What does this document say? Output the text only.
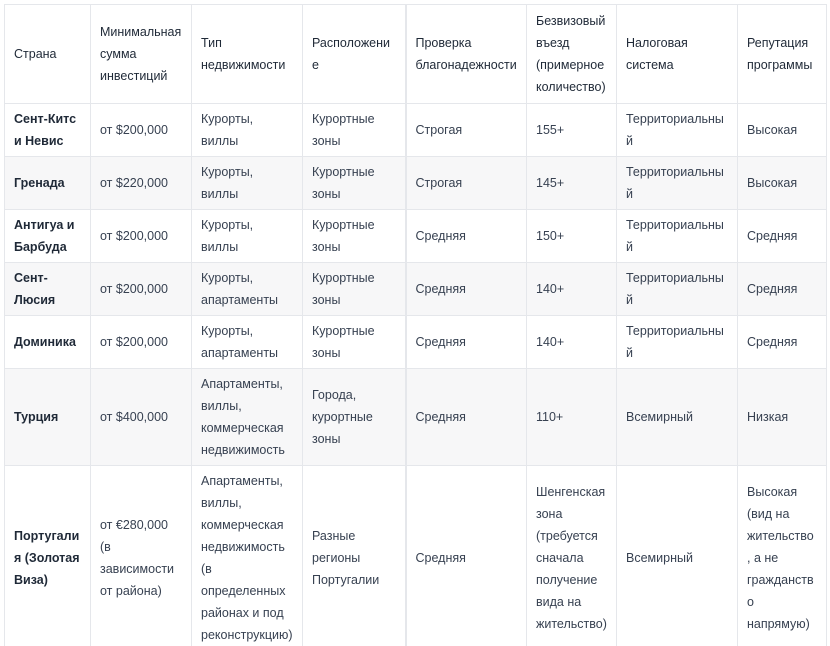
Страна	Минимальная сумма инвестиций	Тип недвижимости	Расположение	Проверка благонадежности	Безвизовый въезд (примерное количество)	Налоговая система	Репутация программы
Сент-Китс и Невис	от $200,000	Курорты, виллы	Курортные зоны	Строгая	155+	Территориальный	Высокая
Гренада	от $220,000	Курорты, виллы	Курортные зоны	Строгая	145+	Территориальный	Высокая
Антигуа и Барбуда	от $200,000	Курорты, виллы	Курортные зоны	Средняя	150+	Территориальный	Средняя
Сент-Люсия	от $200,000	Курорты, апартаменты	Курортные зоны	Средняя	140+	Территориальный	Средняя
Доминика	от $200,000	Курорты, апартаменты	Курортные зоны	Средняя	140+	Территориальный	Средняя
Турция	от $400,000	Апартаменты, виллы, коммерческая недвижимость	Города, курортные зоны	Средняя	110+	Всемирный	Низкая
Португалия (Золотая Виза)	от €280,000 (в зависимости от района)	Апартаменты, виллы, коммерческая недвижимость (в определенных районах и под реконструкцию)	Разные регионы Португалии	Средняя	Шенгенская зона (требуется сначала получение вида на жительство)	Всемирный	Высокая (вид на жительство, а не гражданство напрямую)
